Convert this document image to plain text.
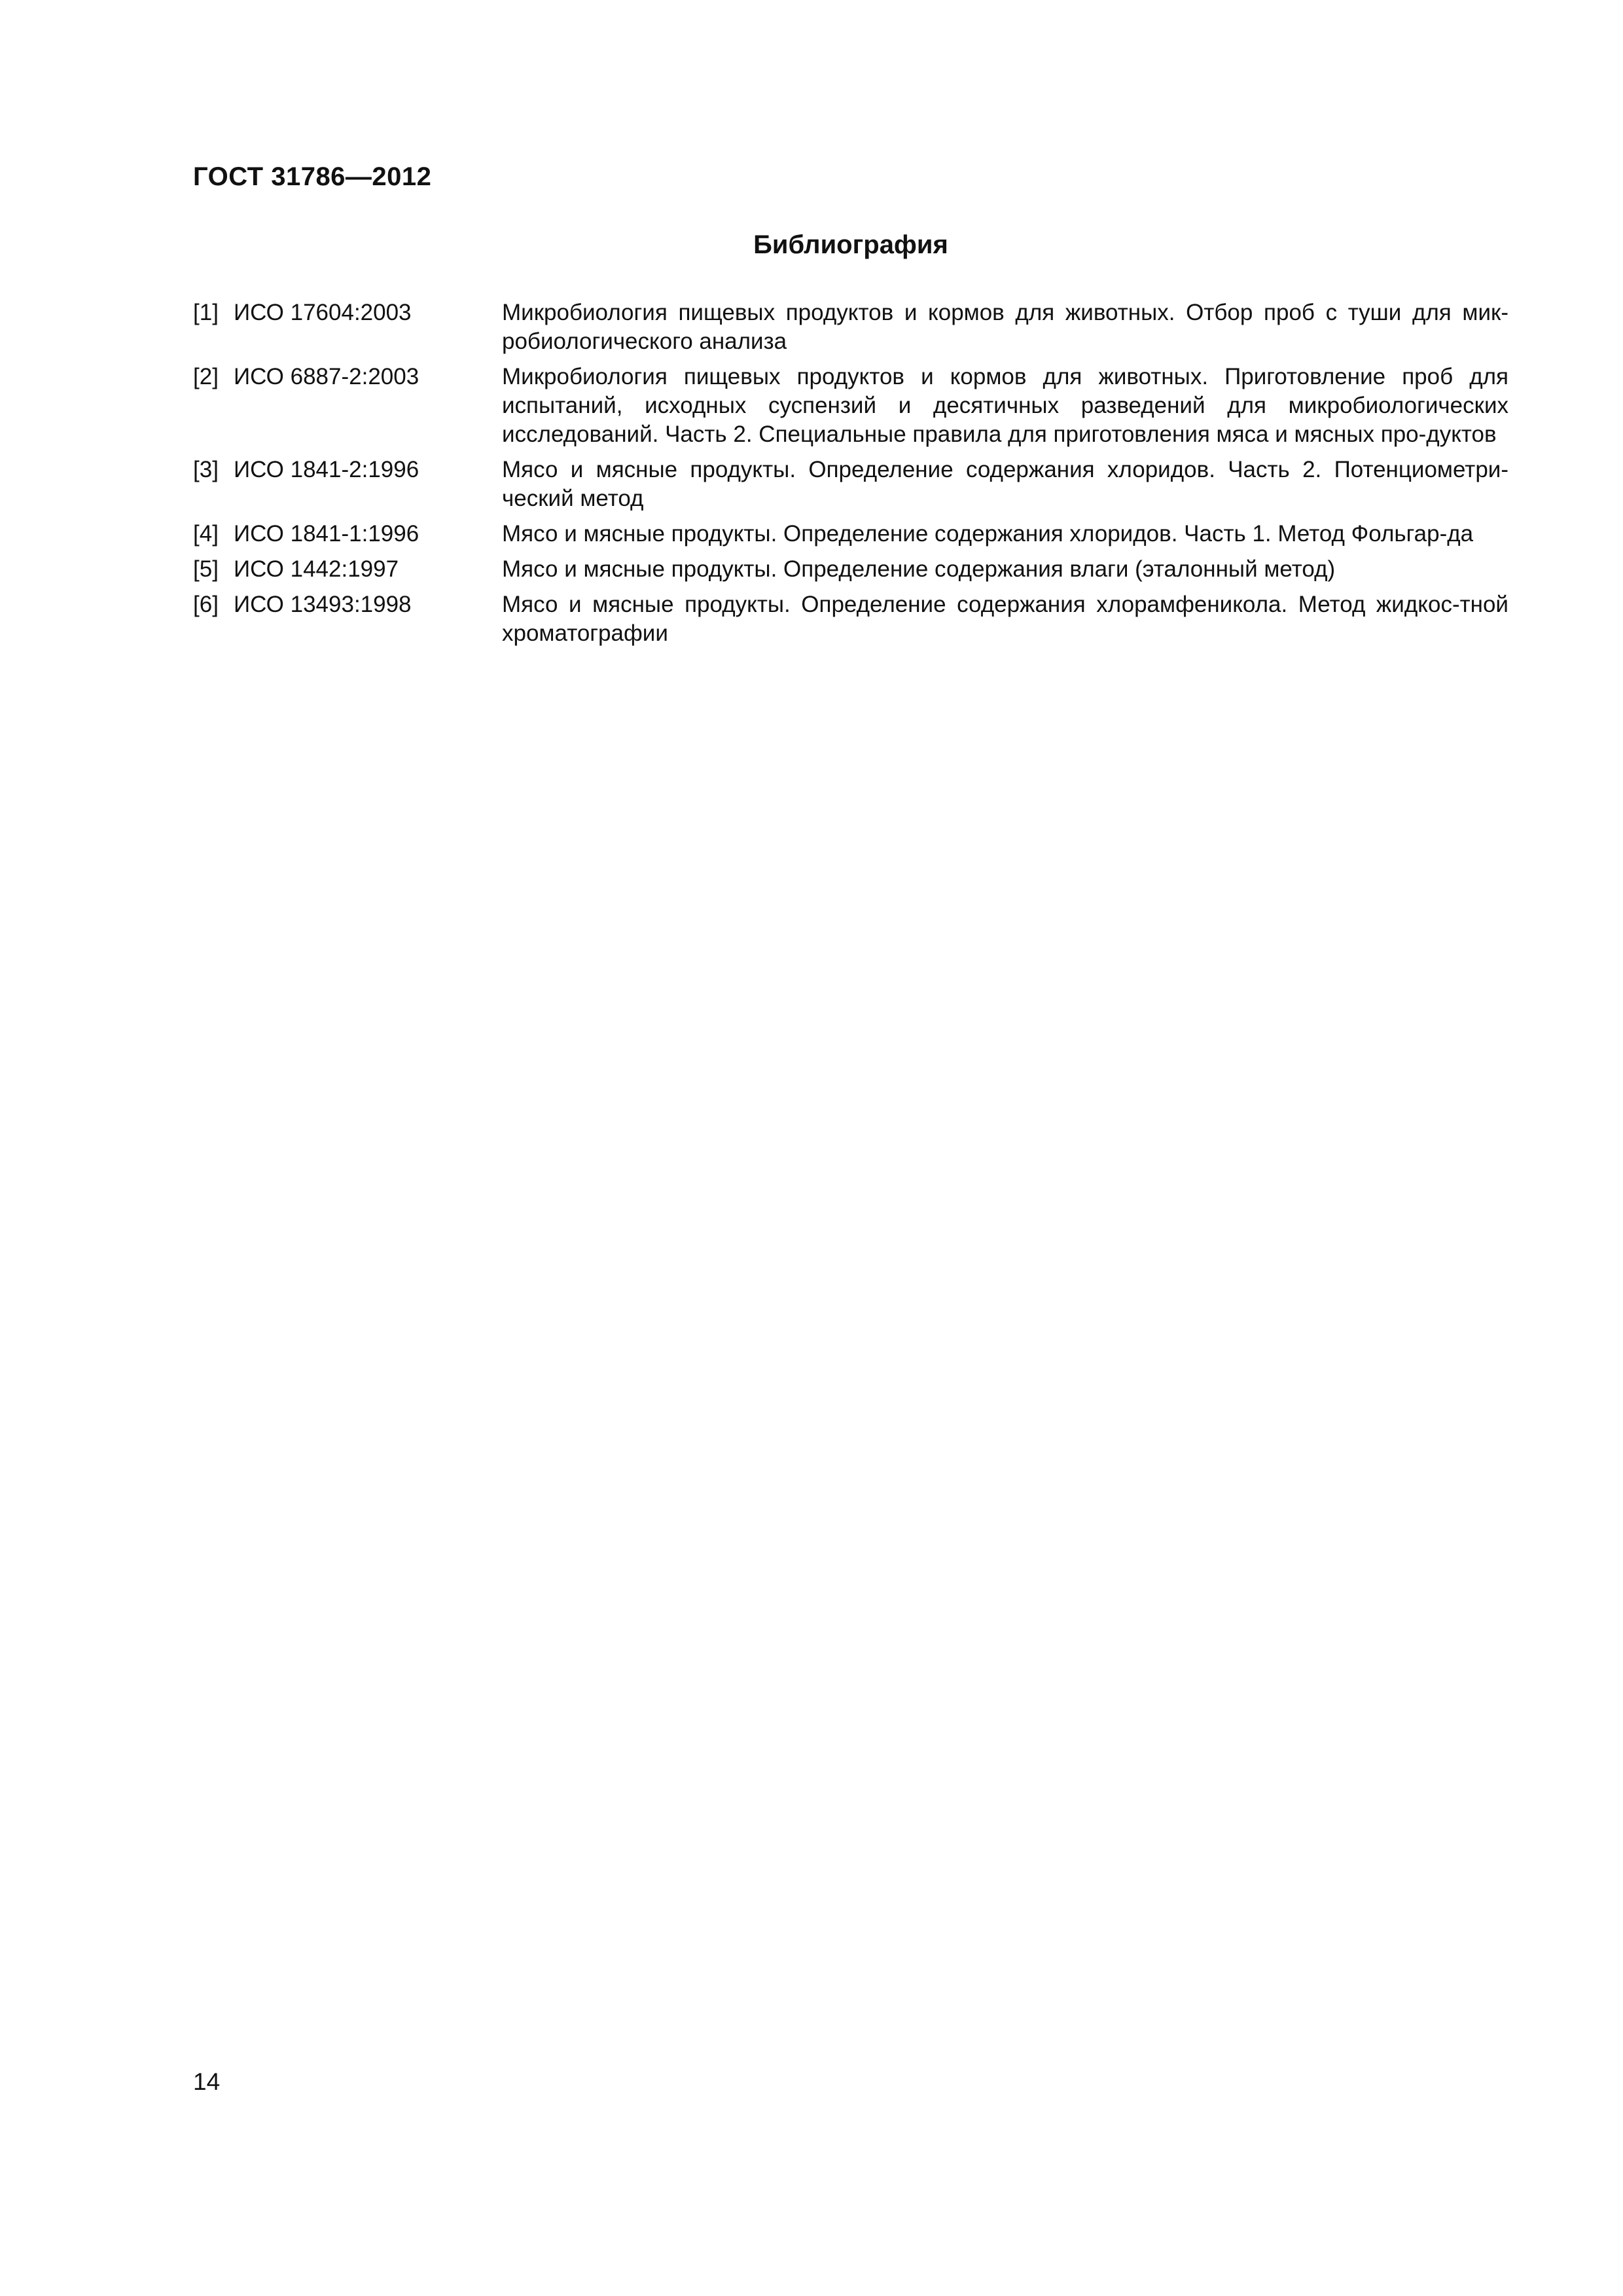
ГОСТ 31786—2012
Библиография
[1] ИСО 17604:2003	Микробиология пищевых продуктов и кормов для животных. Отбор проб с туши для мик-робиологического анализа
[2] ИСО 6887-2:2003	Микробиология пищевых продуктов и кормов для животных. Приготовление проб для испытаний, исходных суспензий и десятичных разведений для микробиологических исследований. Часть 2. Специальные правила для приготовления мяса и мясных про-дуктов
[3] ИСО 1841-2:1996	Мясо и мясные продукты. Определение содержания хлоридов. Часть 2. Потенциометри-ческий метод
[4] ИСО 1841-1:1996	Мясо и мясные продукты. Определение содержания хлоридов. Часть 1. Метод Фольгар-да
[5] ИСО 1442:1997	Мясо и мясные продукты. Определение содержания влаги (эталонный метод)
[6] ИСО 13493:1998	Мясо и мясные продукты. Определение содержания хлорамфеникола. Метод жидкос-тной хроматографии
14
